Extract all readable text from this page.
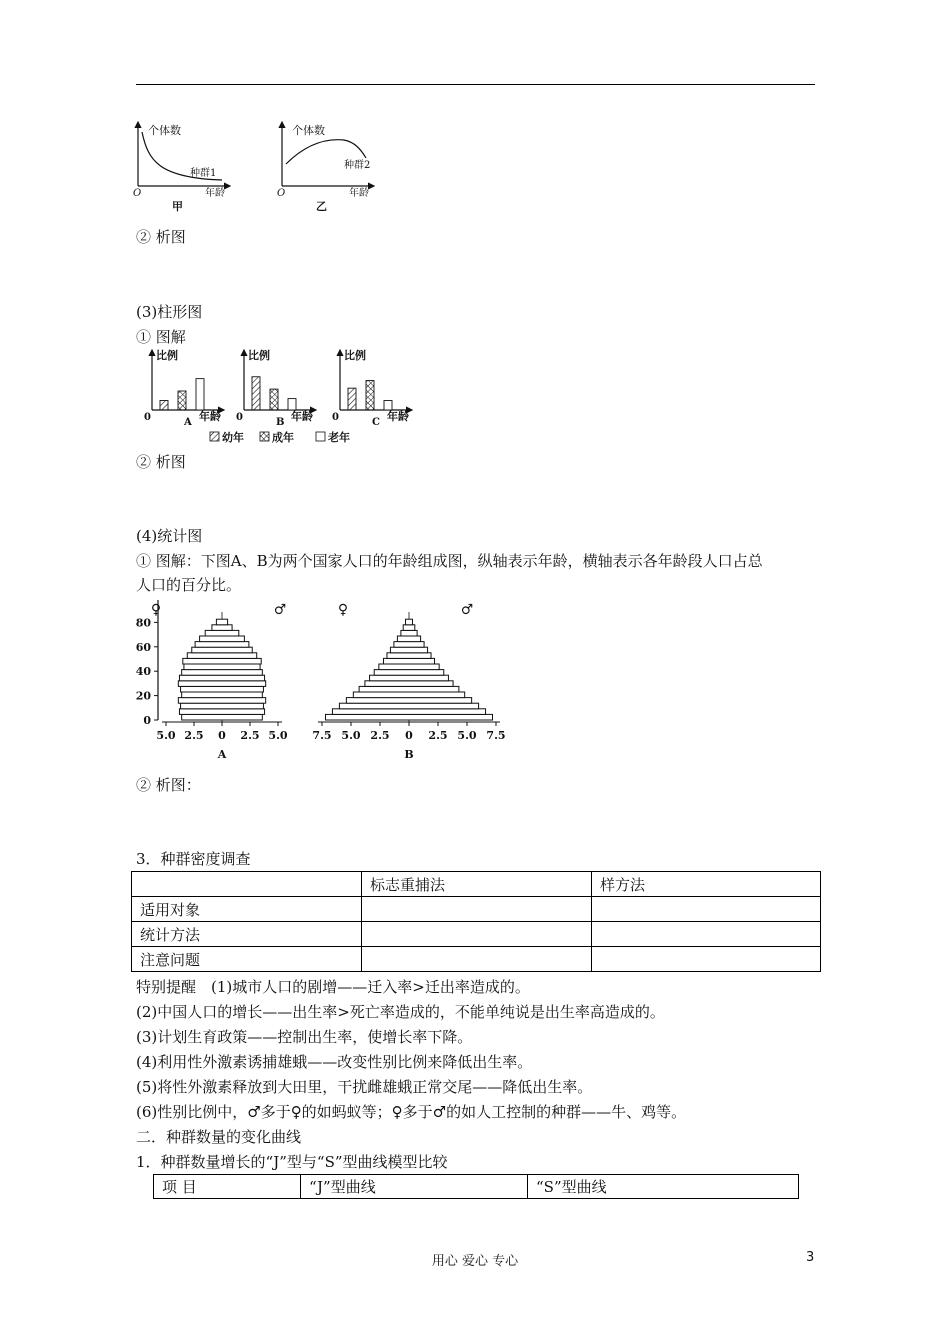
个体数
年龄
O
种群1
甲
个体数
年龄
O
种群2
乙
② 析图
(3)柱形图
① 图解
比例
年龄
0	A
比例
年龄
0	B
比例
年龄
0	C
幼年	成年	老年
② 析图
(4)统计图
① 图解：下图A、B为两个国家人口的年龄组成图，纵轴表示年龄，横轴表示各年龄段人口占总
人口的百分比。
0
20
40
60
80
5.0 2.5 0 2.5 5.0
A
♀	♂
7.5 5.0 2.5 0 2.5 5.0 7.5
B
♀	♂
② 析图：
3．种群密度调查
	标志重捕法	样方法
适用对象		
统计方法		
注意问题		
特别提醒　(1)城市人口的剧增——迁入率>迁出率造成的。
(2)中国人口的增长——出生率>死亡率造成的，不能单纯说是出生率高造成的。
(3)计划生育政策——控制出生率，使增长率下降。
(4)利用性外激素诱捕雄蛾——改变性别比例来降低出生率。
(5)将性外激素释放到大田里，干扰雌雄蛾正常交尾——降低出生率。
(6)性别比例中，♂多于♀的如蚂蚁等；♀多于♂的如人工控制的种群——牛、鸡等。
二．种群数量的变化曲线
1．种群数量增长的“J”型与“S”型曲线模型比较
项 目	“J”型曲线	“S”型曲线
用心 爱心 专心	3
